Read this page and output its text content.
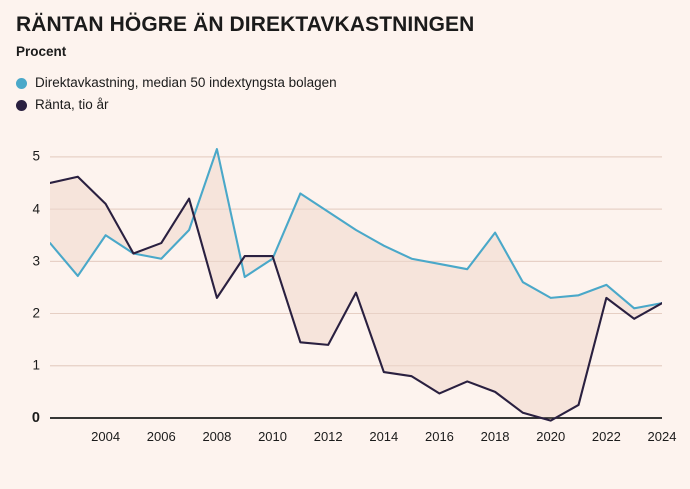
RÄNTAN HÖGRE ÄN DIREKTAVKASTNINGEN
Procent
Direktavkastning, median 50 indextyngsta bolagen
Ränta, tio år
0
1
2
3
4
5
2004 2006 2008 2010 2012 2014 2016 2018 2020 2022 2024
